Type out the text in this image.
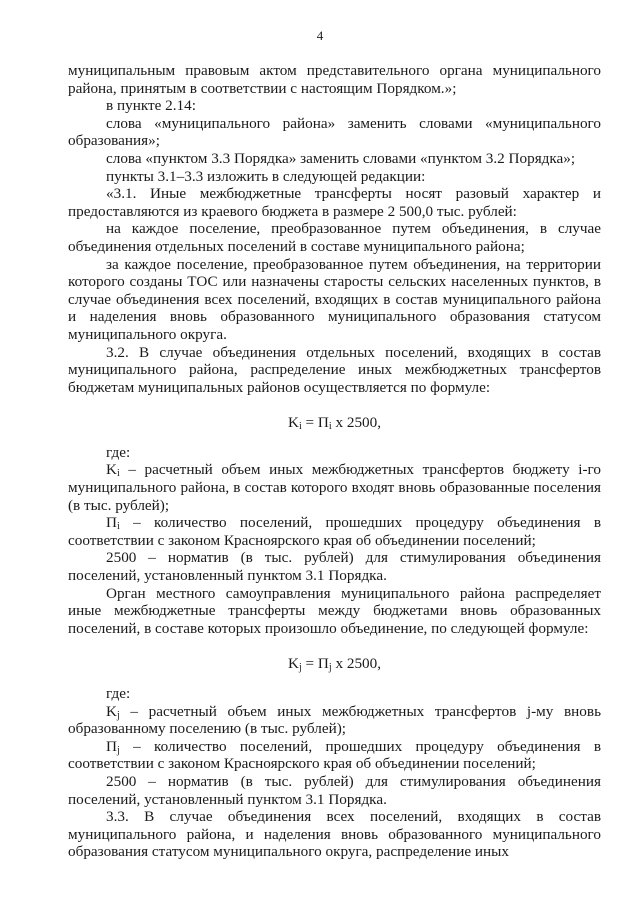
4

муниципальным правовым актом представительного органа муниципального района, принятым в соответствии с настоящим Порядком.»;

в пункте 2.14:

слова «муниципального района» заменить словами «муниципального образования»;

слова «пунктом 3.3 Порядка» заменить словами «пунктом 3.2 Порядка»;

пункты 3.1–3.3 изложить в следующей редакции:

«3.1. Иные межбюджетные трансферты носят разовый характер и предоставляются из краевого бюджета в размере 2 500,0 тыс. рублей:

на каждое поселение, преобразованное путем объединения, в случае объединения отдельных поселений в составе муниципального района;

за каждое поселение, преобразованное путем объединения, на территории которого созданы ТОС или назначены старосты сельских населенных пунктов, в случае объединения всех поселений, входящих в состав муниципального района и наделения вновь образованного муниципального образования статусом муниципального округа.

3.2. В случае объединения отдельных поселений, входящих в состав муниципального района, распределение иных межбюджетных трансфертов бюджетам муниципальных районов осуществляется по формуле:

$K_i = П_i$ х 2500,

где:

$K_i$ – расчетный объем иных межбюджетных трансфертов бюджету i-го муниципального района, в состав которого входят вновь образованные поселения (в тыс. рублей);

$П_i$ – количество поселений, прошедших процедуру объединения в соответствии с законом Красноярского края об объединении поселений;

2500 – норматив (в тыс. рублей) для стимулирования объединения поселений, установленный пунктом 3.1 Порядка.

Орган местного самоуправления муниципального района распределяет иные межбюджетные трансферты между бюджетами вновь образованных поселений, в составе которых произошло объединение, по следующей формуле:

$K_j = П_j$ х 2500,

где:

$K_j$ – расчетный объем иных межбюджетных трансфертов j-му вновь образованному поселению (в тыс. рублей);

$П_j$ – количество поселений, прошедших процедуру объединения в соответствии с законом Красноярского края об объединении поселений;

2500 – норматив (в тыс. рублей) для стимулирования объединения поселений, установленный пунктом 3.1 Порядка.

3.3. В случае объединения всех поселений, входящих в состав муниципального района, и наделения вновь образованного муниципального образования статусом муниципального округа, распределение иных
